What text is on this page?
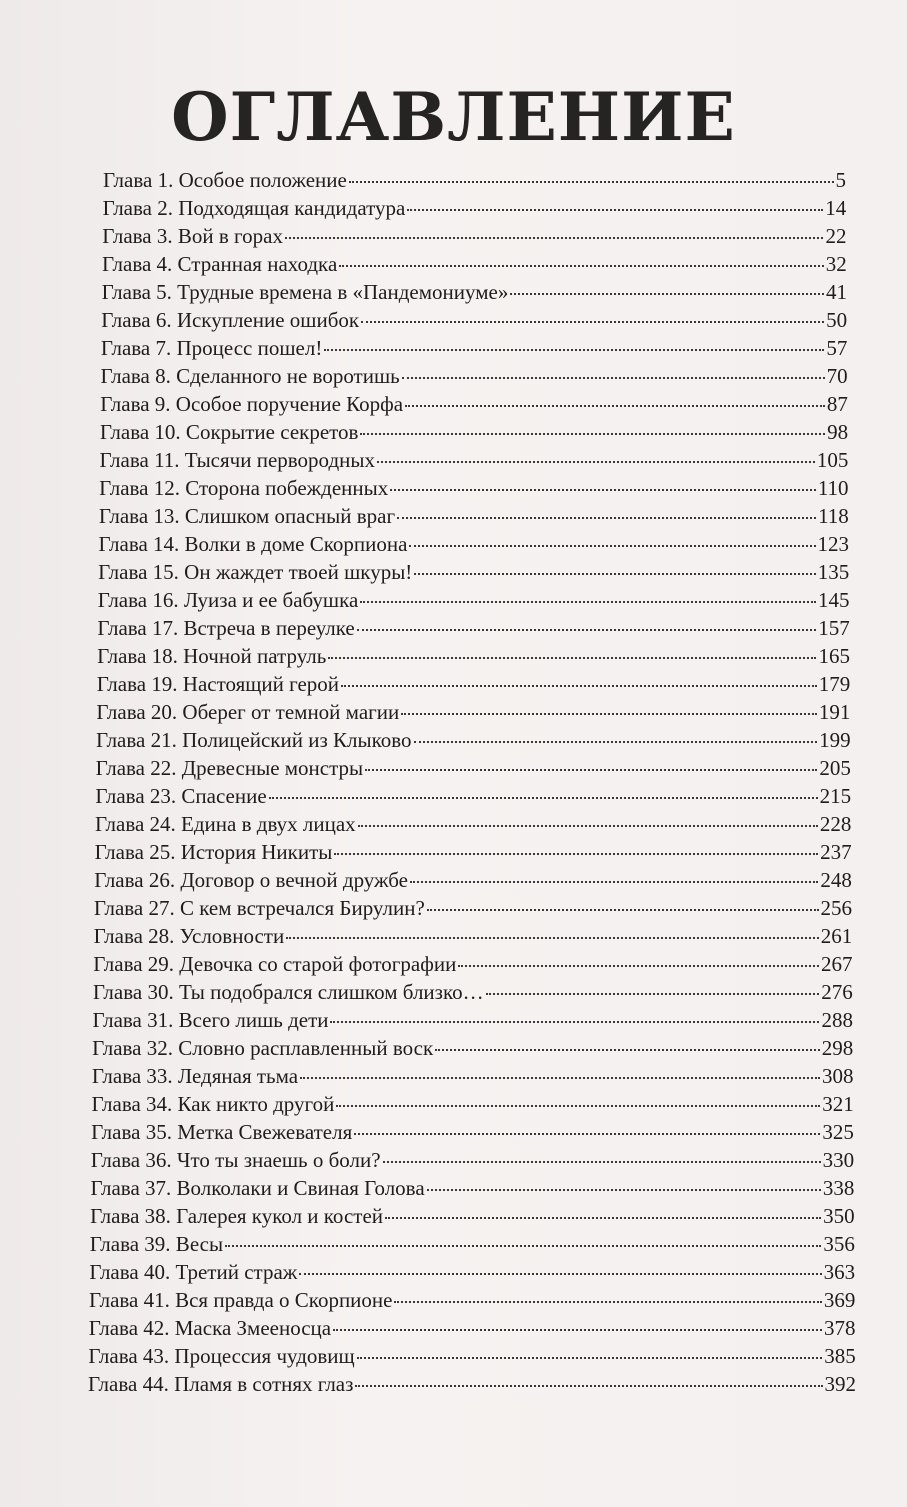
ОГЛАВЛЕНИЕ
Глава 1. Особое положение	5
Глава 2. Подходящая кандидатура	14
Глава 3. Вой в горах	22
Глава 4. Странная находка	32
Глава 5. Трудные времена в «Пандемониуме»	41
Глава 6. Искупление ошибок	50
Глава 7. Процесс пошел!	57
Глава 8. Сделанного не воротишь	70
Глава 9. Особое поручение Корфа	87
Глава 10. Сокрытие секретов	98
Глава 11. Тысячи первородных	105
Глава 12. Сторона побежденных	110
Глава 13. Слишком опасный враг	118
Глава 14. Волки в доме Скорпиона	123
Глава 15. Он жаждет твоей шкуры!	135
Глава 16. Луиза и ее бабушка	145
Глава 17. Встреча в переулке	157
Глава 18. Ночной патруль	165
Глава 19. Настоящий герой	179
Глава 20. Оберег от темной магии	191
Глава 21. Полицейский из Клыково	199
Глава 22. Древесные монстры	205
Глава 23. Спасение	215
Глава 24. Едина в двух лицах	228
Глава 25. История Никиты	237
Глава 26. Договор о вечной дружбе	248
Глава 27. С кем встречался Бирулин?	256
Глава 28. Условности	261
Глава 29. Девочка со старой фотографии	267
Глава 30. Ты подобрался слишком близко…	276
Глава 31. Всего лишь дети	288
Глава 32. Словно расплавленный воск	298
Глава 33. Ледяная тьма	308
Глава 34. Как никто другой	321
Глава 35. Метка Свежевателя	325
Глава 36. Что ты знаешь о боли?	330
Глава 37. Волколаки и Свиная Голова	338
Глава 38. Галерея кукол и костей	350
Глава 39. Весы	356
Глава 40. Третий страж	363
Глава 41. Вся правда о Скорпионе	369
Глава 42. Маска Змееносца	378
Глава 43. Процессия чудовищ	385
Глава 44. Пламя в сотнях глаз	392
